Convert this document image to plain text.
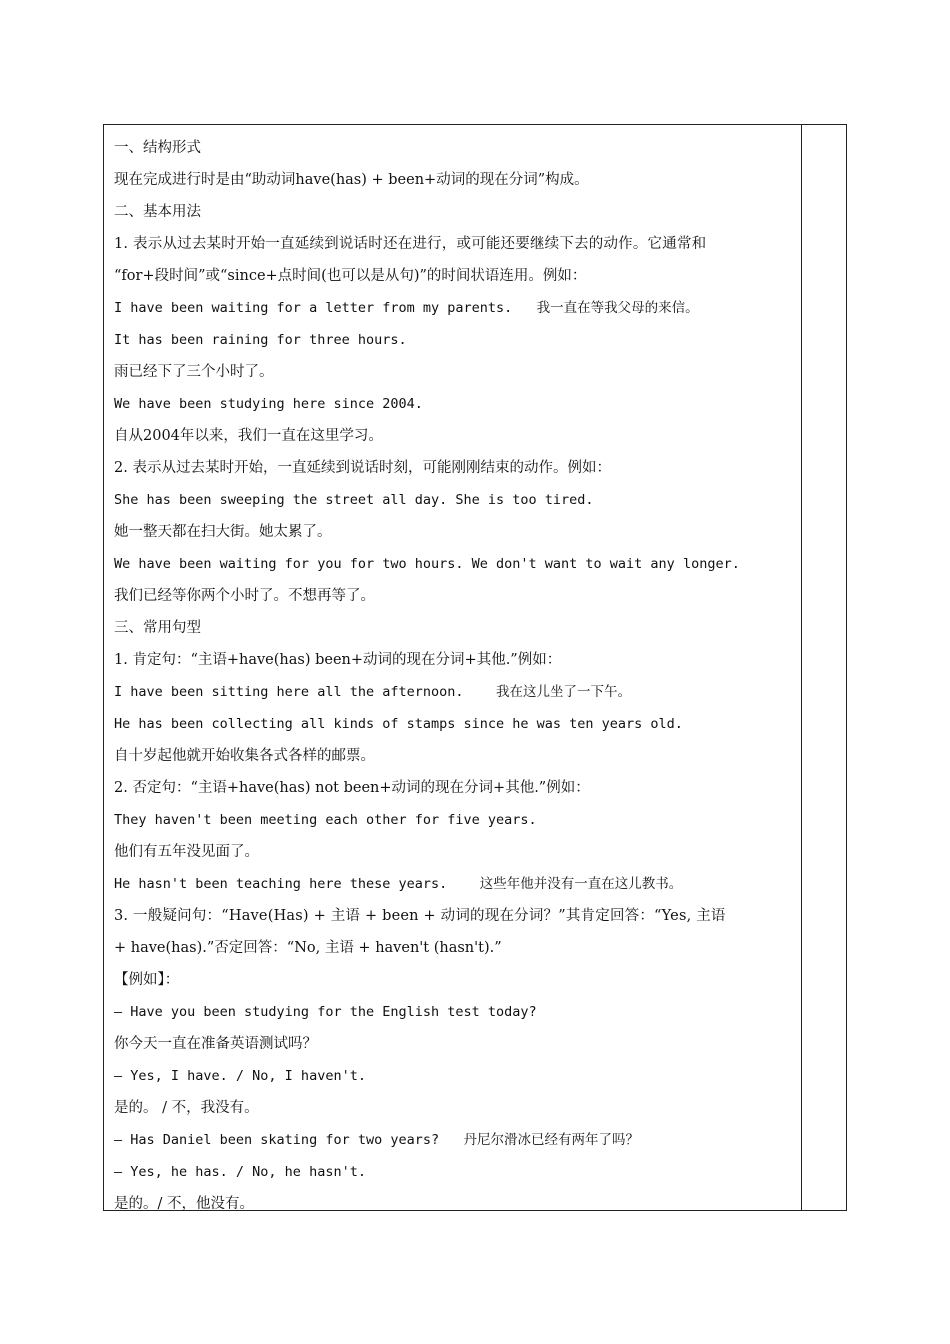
一、结构形式
现在完成进行时是由“助动词have(has) + been+动词的现在分词”构成。
二、基本用法
1. 表示从过去某时开始一直延续到说话时还在进行，或可能还要继续下去的动作。它通常和
“for+段时间”或“since+点时间(也可以是从句)”的时间状语连用。例如：
I have been waiting for a letter from my parents.   我一直在等我父母的来信。
It has been raining for three hours.
雨已经下了三个小时了。
We have been studying here since 2004.
自从2004年以来，我们一直在这里学习。
2. 表示从过去某时开始，一直延续到说话时刻，可能刚刚结束的动作。例如：
She has been sweeping the street all day. She is too tired.
她一整天都在扫大街。她太累了。
We have been waiting for you for two hours. We don't want to wait any longer.
我们已经等你两个小时了。不想再等了。
三、常用句型
1. 肯定句：“主语+have(has) been+动词的现在分词+其他.”例如：
I have been sitting here all the afternoon.    我在这儿坐了一下午。
He has been collecting all kinds of stamps since he was ten years old.
自十岁起他就开始收集各式各样的邮票。
2. 否定句：“主语+have(has) not been+动词的现在分词+其他.”例如：
They haven't been meeting each other for five years.
他们有五年没见面了。
He hasn't been teaching here these years.    这些年他并没有一直在这儿教书。
3. 一般疑问句：“Have(Has) + 主语 + been + 动词的现在分词？”其肯定回答：“Yes, 主语
+ have(has).”否定回答：“No, 主语 + haven't (hasn't).”
【例如】：
— Have you been studying for the English test today?
你今天一直在准备英语测试吗？
— Yes, I have. / No, I haven't.
是的。 / 不，我没有。
— Has Daniel been skating for two years?   丹尼尔滑冰已经有两年了吗？
— Yes, he has. / No, he hasn't.
是的。/ 不，他没有。
